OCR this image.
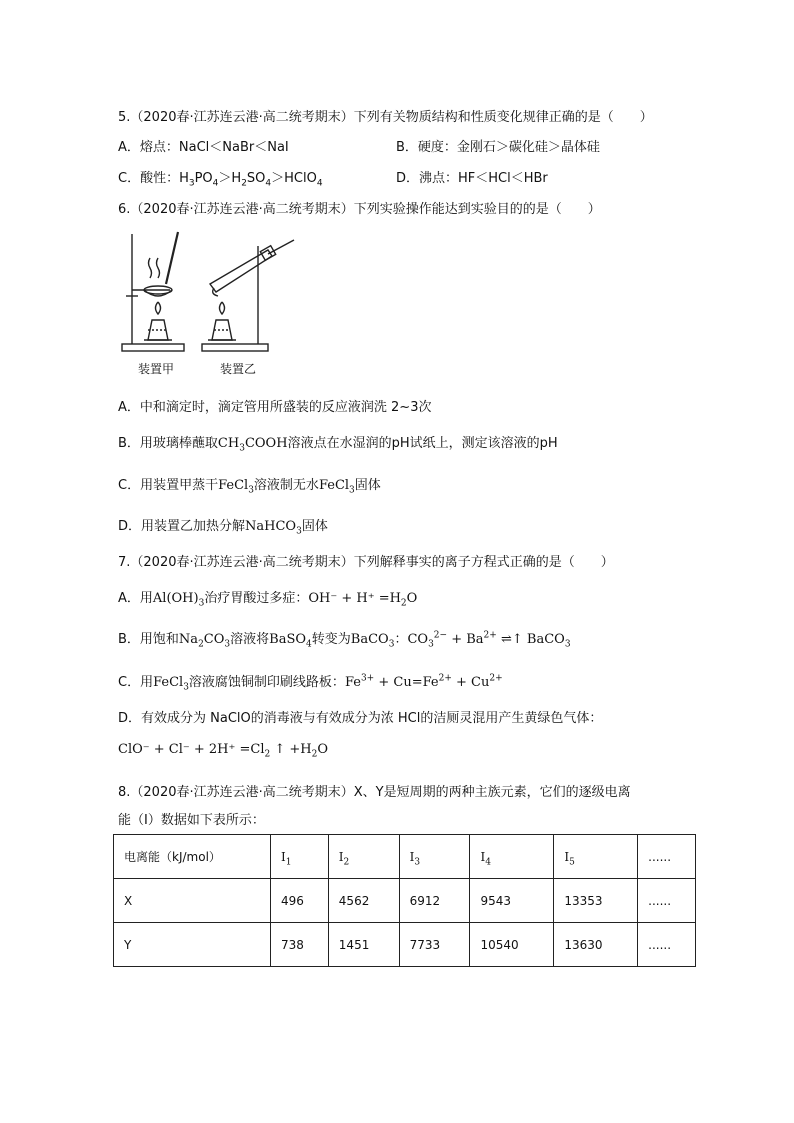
5.（2020春·江苏连云港·高二统考期末）下列有关物质结构和性质变化规律正确的是（　　）
A．熔点：NaCl＜NaBr＜NaI	B．硬度：金刚石＞碳化硅＞晶体硅
C．酸性：$H_3PO_4>H_2SO_4>HClO_4$	D．沸点：HF＜HCl＜HBr
6.（2020春·江苏连云港·高二统考期末）下列实验操作能达到实验目的的是（　　）
装置甲	装置乙
A．中和滴定时，滴定管用所盛装的反应液润洗 2~3次
B．用玻璃棒蘸取$CH_3COOH$溶液点在水湿润的pH试纸上，测定该溶液的pH
C．用装置甲蒸干FeCl$_3$溶液制无水FeCl$_3$固体
D．用装置乙加热分解NaHCO$_3$固体
7.（2020春·江苏连云港·高二统考期末）下列解释事实的离子方程式正确的是（　　）
A．用$Al(OH)_3$治疗胃酸过多症：$OH^- + H^+ =H_2O$
B．用饱和$Na_2CO_3$溶液将BaSO$_4$转变为BaCO$_3$：$CO_3^{2-} + Ba^{2+}$ ⇌↑ BaCO$_3$
C．用FeCl$_3$溶液腐蚀铜制印刷线路板：$Fe^{3+} + Cu=Fe^{2+} + Cu^{2+}$
D．有效成分为 NaClO的消毒液与有效成分为浓 HCl的洁厕灵混用产生黄绿色气体：
$ClO^- + Cl^- + 2H^+ =Cl_2$ ↑ $+H_2O$
8.（2020春·江苏连云港·高二统考期末）X、Y是短周期的两种主族元素，它们的逐级电离
能（I）数据如下表所示：
电离能（kJ/mol）	$I_1$	$I_2$	$I_3$	$I_4$	$I_5$	......
X	496	4562	6912	9543	13353	......
Y	738	1451	7733	10540	13630	......
